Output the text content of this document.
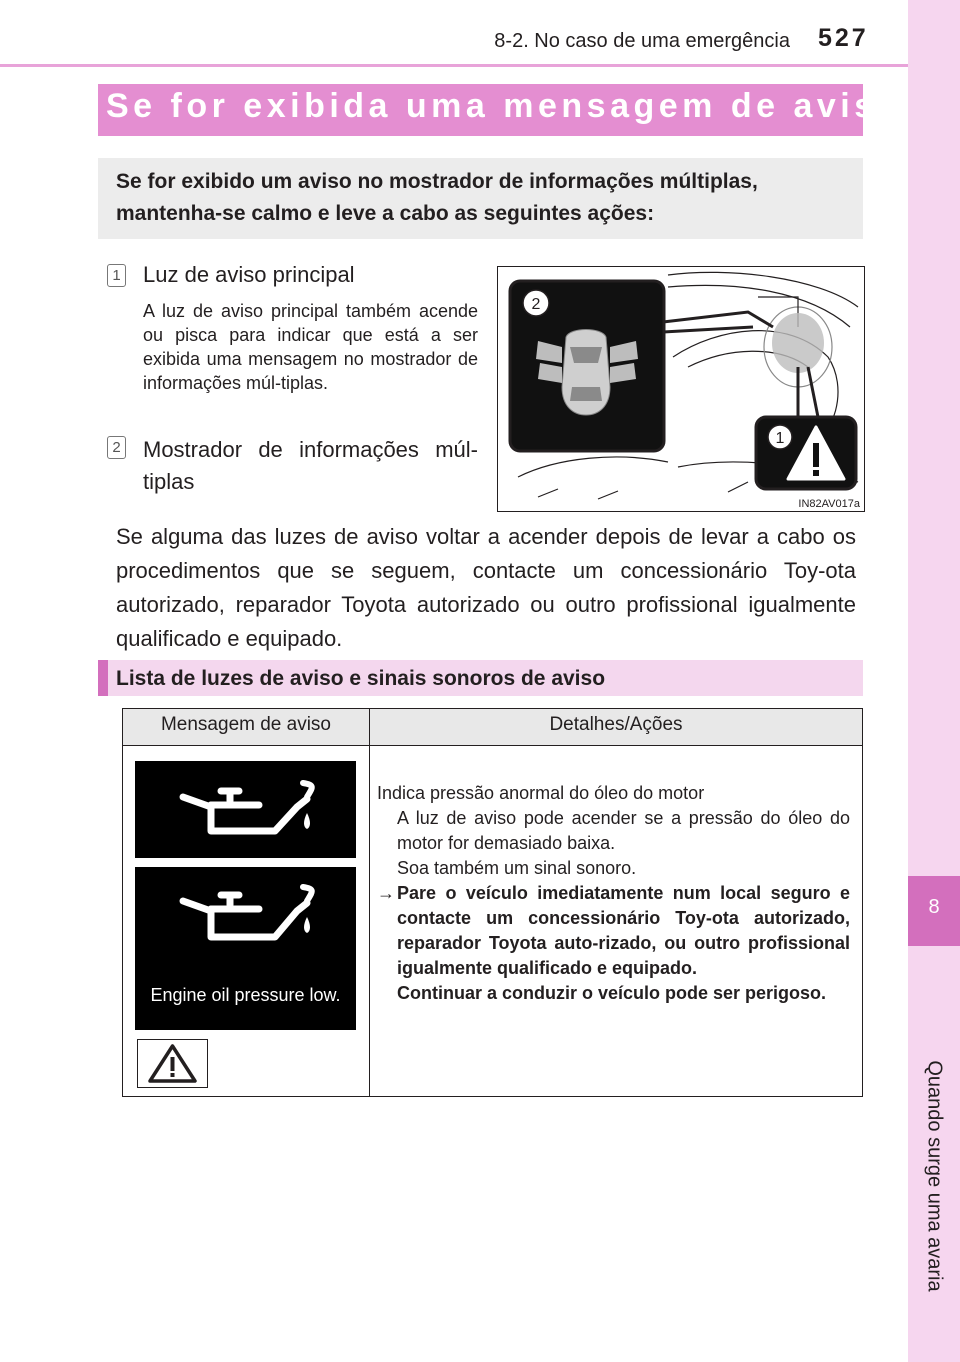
8-2. No caso de uma emergência 527
8
Quando surge uma avaria
Se for exibida uma mensagem de aviso
Se for exibido um aviso no mostrador de informações múltiplas, mantenha-se calmo e leve a cabo as seguintes ações:
1 Luz de aviso principal
A luz de aviso principal também acende ou pisca para indicar que está a ser exibida uma mensagem no mostrador de informações múl-tiplas.
2 Mostrador de informações múl-tiplas
2
1
IN82AV017a
Se alguma das luzes de aviso voltar a acender depois de levar a cabo os procedimentos que se seguem, contacte um concessionário Toy-ota autorizado, reparador Toyota autorizado ou outro profissional igualmente qualificado e equipado.
Lista de luzes de aviso e sinais sonoros de aviso
Mensagem de aviso	Detalhes/Ações
Engine oil pressure low.

Indica pressão anormal do óleo do motor

A luz de aviso pode acender se a pressão do óleo do motor for demasiado baixa.

Soa também um sinal sonoro.

→ Pare o veículo imediatamente num local seguro e contacte um concessionário Toy-ota autorizado, reparador Toyota auto-rizado, ou outro profissional igualmente qualificado e equipado.

Continuar a conduzir o veículo pode ser perigoso.
